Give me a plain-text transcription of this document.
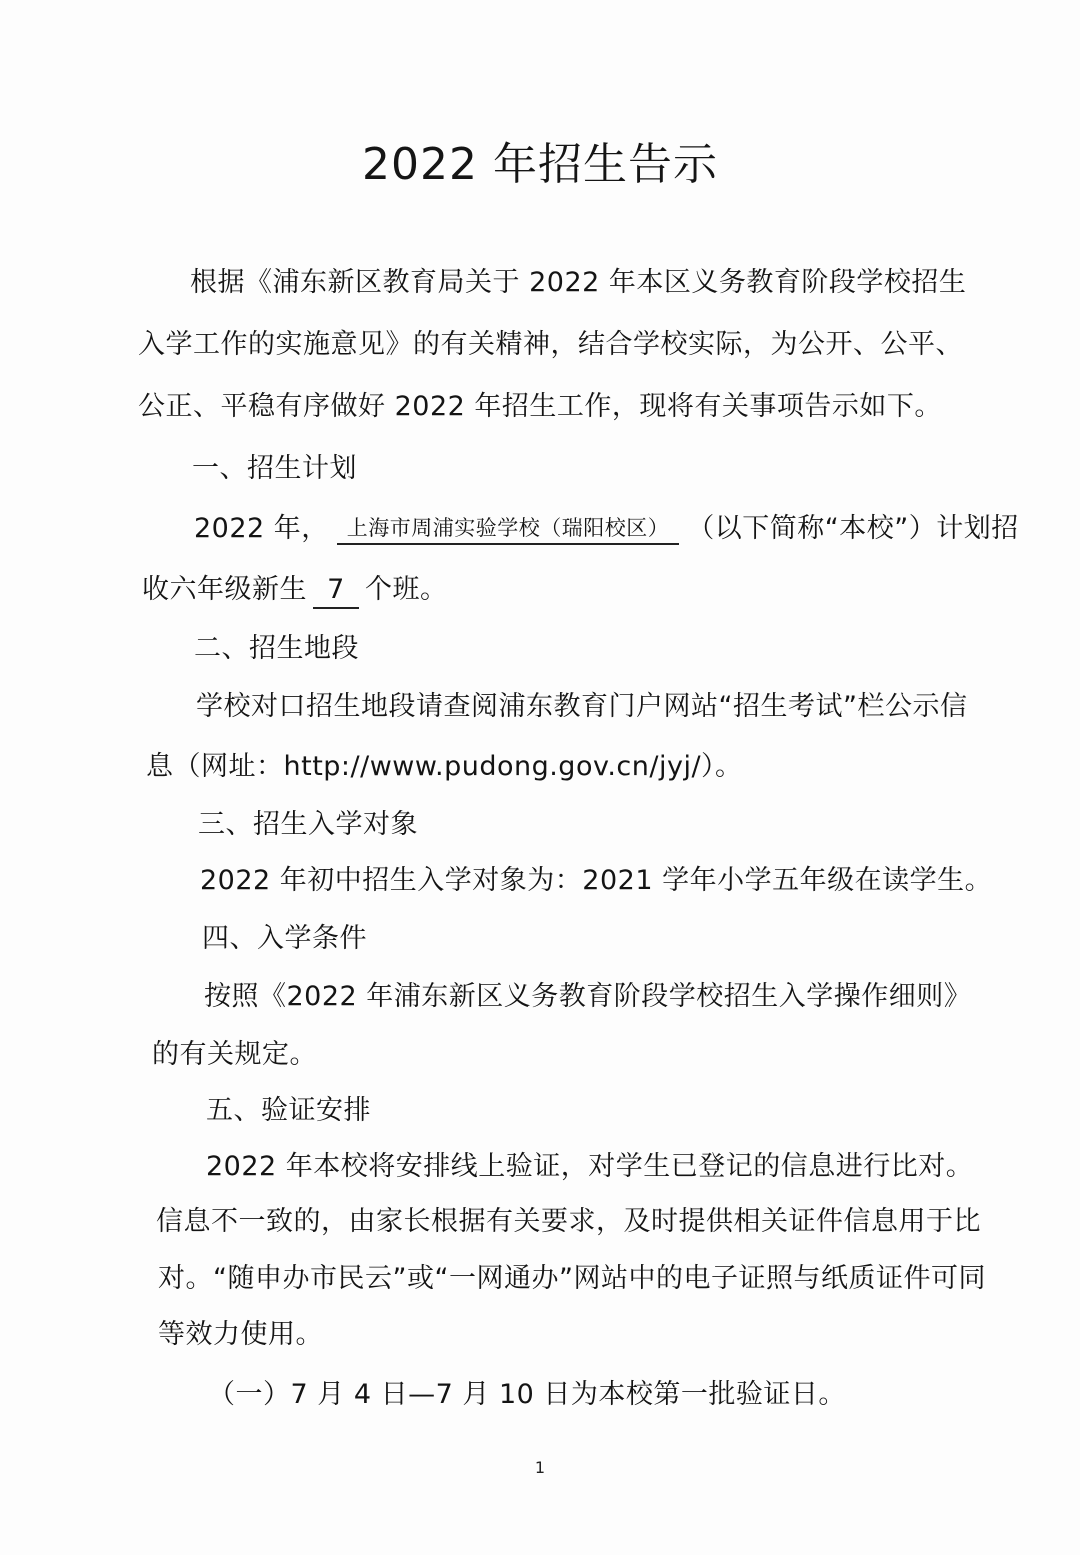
2022 年招生告示
根据《浦东新区教育局关于 2022 年本区义务教育阶段学校招生
入学工作的实施意见》的有关精神，结合学校实际，为公开、公平、
公正、平稳有序做好 2022 年招生工作，现将有关事项告示如下。
一、招生计划
2022 年， 上海市周浦实验学校（瑞阳校区） （以下简称“本校”）计划招
收六年级新生 7 个班。
二、招生地段
学校对口招生地段请查阅浦东教育门户网站“招生考试”栏公示信
息（网址：http://www.pudong.gov.cn/jyj/）。
三、招生入学对象
2022 年初中招生入学对象为：2021 学年小学五年级在读学生。
四、入学条件
按照《2022 年浦东新区义务教育阶段学校招生入学操作细则》
的有关规定。
五、验证安排
2022 年本校将安排线上验证，对学生已登记的信息进行比对。
信息不一致的，由家长根据有关要求，及时提供相关证件信息用于比
对。“随申办市民云”或“一网通办”网站中的电子证照与纸质证件可同
等效力使用。
（一）7 月 4 日—7 月 10 日为本校第一批验证日。
1
